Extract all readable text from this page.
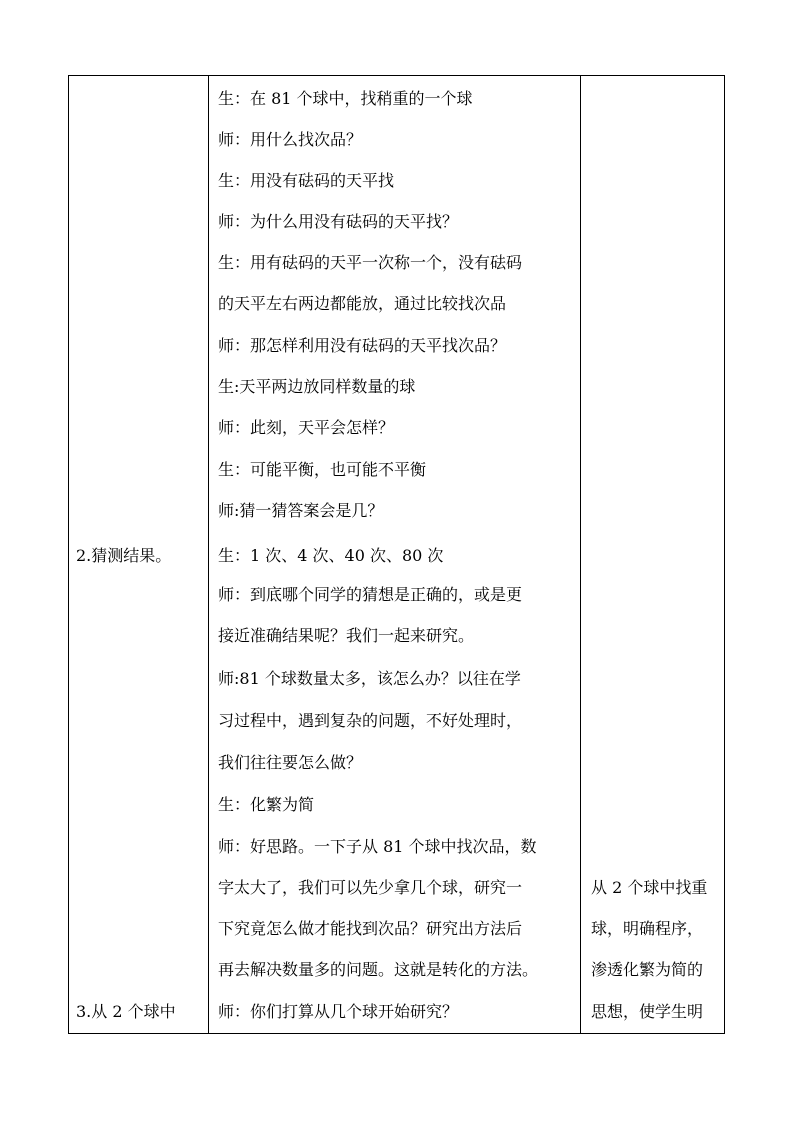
2.猜测结果。
3.从 2 个球中
生：在 81 个球中，找稍重的一个球
师：用什么找次品？
生：用没有砝码的天平找
师：为什么用没有砝码的天平找？
生：用有砝码的天平一次称一个，没有砝码
的天平左右两边都能放，通过比较找次品
师：那怎样利用没有砝码的天平找次品？
生:天平两边放同样数量的球
师：此刻，天平会怎样？
生：可能平衡，也可能不平衡
师:猜一猜答案会是几？
生：1 次、4 次、40 次、80 次
师：到底哪个同学的猜想是正确的，或是更
接近准确结果呢？我们一起来研究。
师:81 个球数量太多，该怎么办？以往在学
习过程中，遇到复杂的问题，不好处理时，
我们往往要怎么做？
生：化繁为简
师：好思路。一下子从 81 个球中找次品，数
字太大了，我们可以先少拿几个球，研究一
下究竟怎么做才能找到次品？研究出方法后
再去解决数量多的问题。这就是转化的方法。
师：你们打算从几个球开始研究？
从 2 个球中找重
球，明确程序，
渗透化繁为简的
思想，使学生明
